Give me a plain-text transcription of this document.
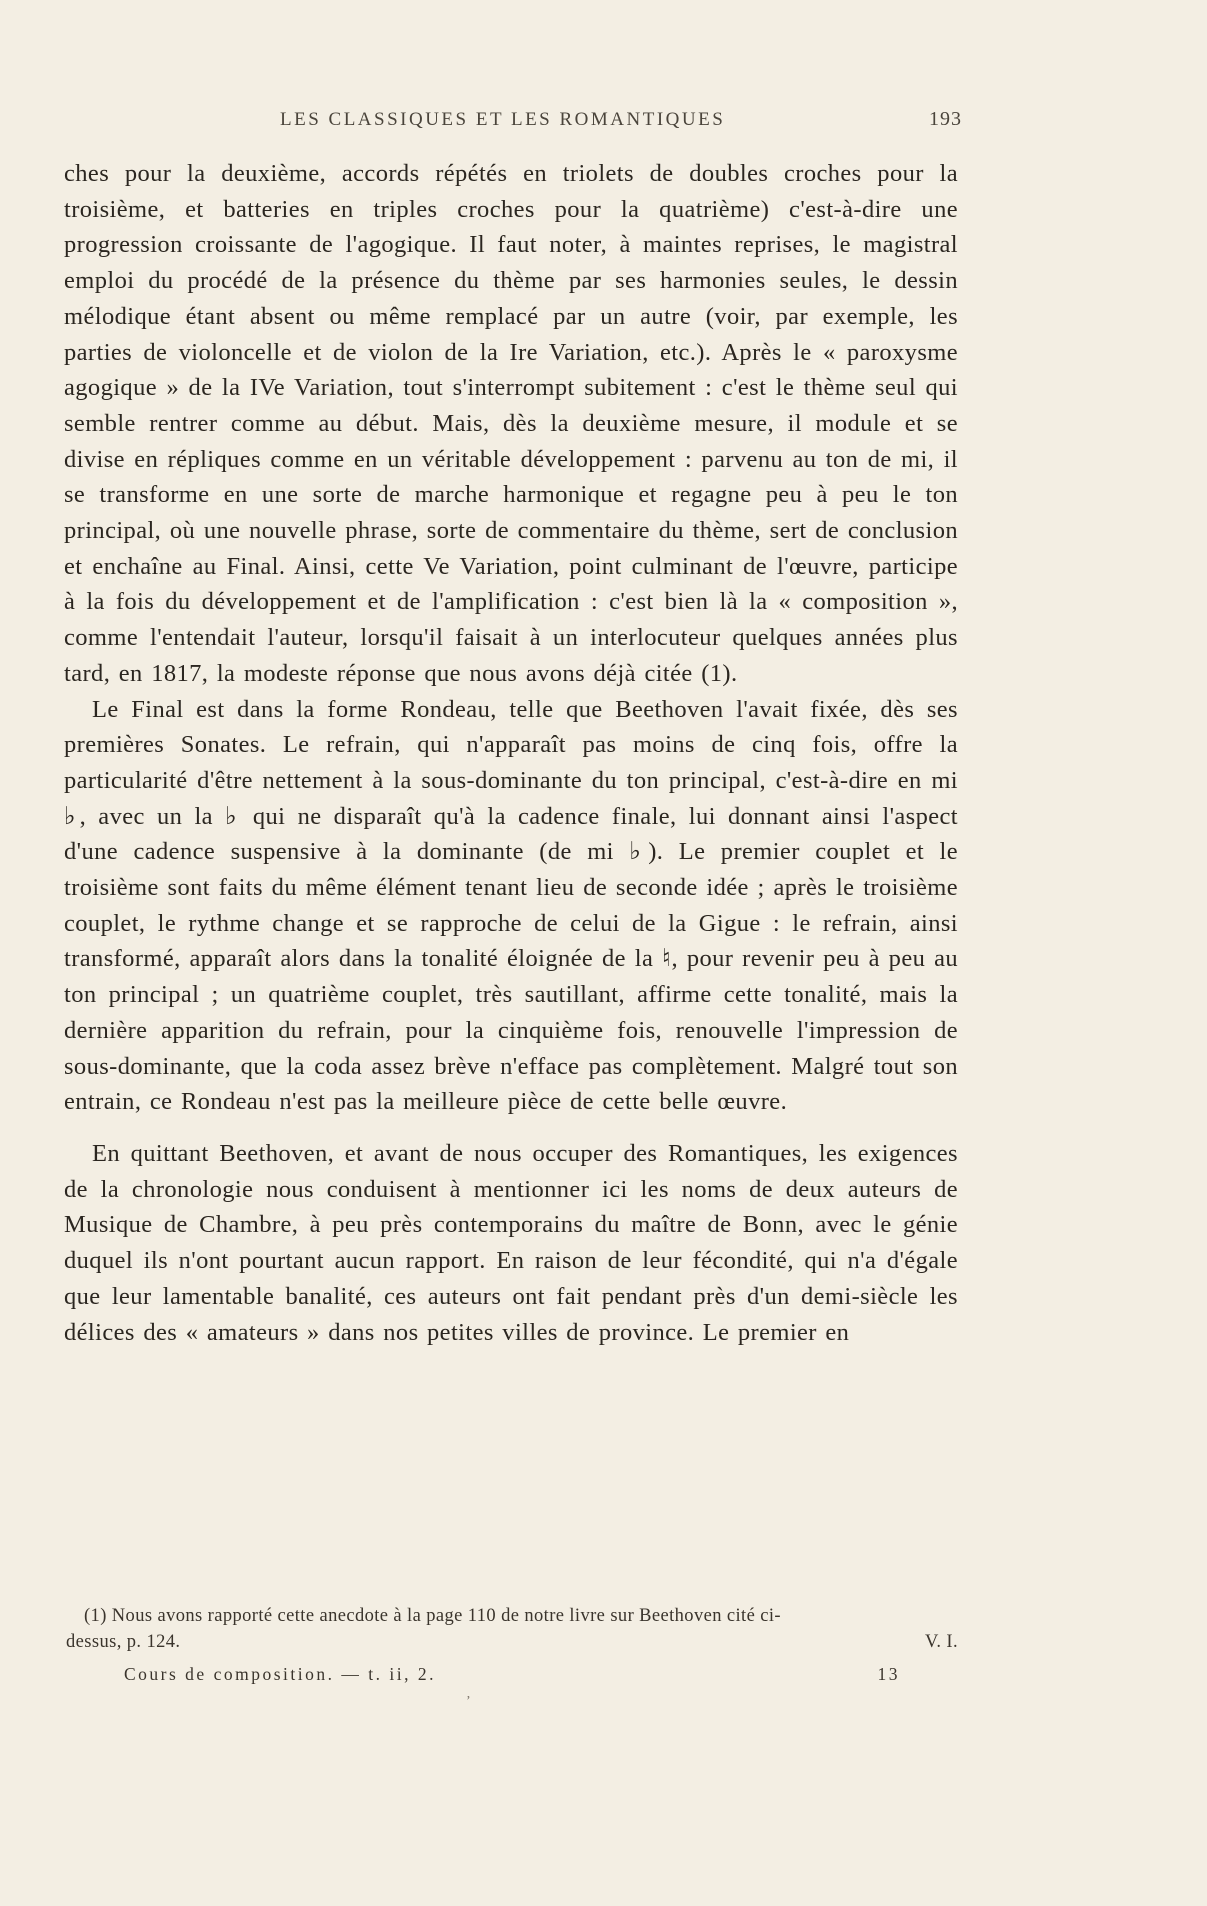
LES CLASSIQUES ET LES ROMANTIQUES	193

ches pour la deuxième, accords répétés en triolets de doubles croches pour la troisième, et batteries en triples croches pour la quatrième) c'est-à-dire une progression croissante de l'agogique. Il faut noter, à maintes reprises, le magistral emploi du procédé de la présence du thème par ses harmonies seules, le dessin mélodique étant absent ou même remplacé par un autre (voir, par exemple, les parties de violoncelle et de violon de la Ire Variation, etc.). Après le « paroxysme agogique » de la IVe Variation, tout s'interrompt subitement : c'est le thème seul qui semble rentrer comme au début. Mais, dès la deuxième mesure, il module et se divise en répliques comme en un véritable développement : parvenu au ton de mi, il se transforme en une sorte de marche harmonique et regagne peu à peu le ton principal, où une nouvelle phrase, sorte de commentaire du thème, sert de conclusion et enchaîne au Final. Ainsi, cette Ve Variation, point culminant de l'œuvre, participe à la fois du développement et de l'amplification : c'est bien là la « composition », comme l'entendait l'auteur, lorsqu'il faisait à un interlocuteur quelques années plus tard, en 1817, la modeste réponse que nous avons déjà citée (1).

Le Final est dans la forme Rondeau, telle que Beethoven l'avait fixée, dès ses premières Sonates. Le refrain, qui n'apparaît pas moins de cinq fois, offre la particularité d'être nettement à la sous-dominante du ton principal, c'est-à-dire en mi ♭, avec un la ♭ qui ne disparaît qu'à la cadence finale, lui donnant ainsi l'aspect d'une cadence suspensive à la dominante (de mi ♭). Le premier couplet et le troisième sont faits du même élément tenant lieu de seconde idée ; après le troisième couplet, le rythme change et se rapproche de celui de la Gigue : le refrain, ainsi transformé, apparaît alors dans la tonalité éloignée de la ♮, pour revenir peu à peu au ton principal ; un quatrième couplet, très sautillant, affirme cette tonalité, mais la dernière apparition du refrain, pour la cinquième fois, renouvelle l'impression de sous-dominante, que la coda assez brève n'efface pas complètement. Malgré tout son entrain, ce Rondeau n'est pas la meilleure pièce de cette belle œuvre.

En quittant Beethoven, et avant de nous occuper des Romantiques, les exigences de la chronologie nous conduisent à mentionner ici les noms de deux auteurs de Musique de Chambre, à peu près contemporains du maître de Bonn, avec le génie duquel ils n'ont pourtant aucun rapport. En raison de leur fécondité, qui n'a d'égale que leur lamentable banalité, ces auteurs ont fait pendant près d'un demi-siècle les délices des « amateurs » dans nos petites villes de province. Le premier en

(1) Nous avons rapporté cette anecdote à la page 110 de notre livre sur Beethoven cité ci-
dessus, p. 124.	V. I.
Cours de composition. — t. ii, 2.	13
’
